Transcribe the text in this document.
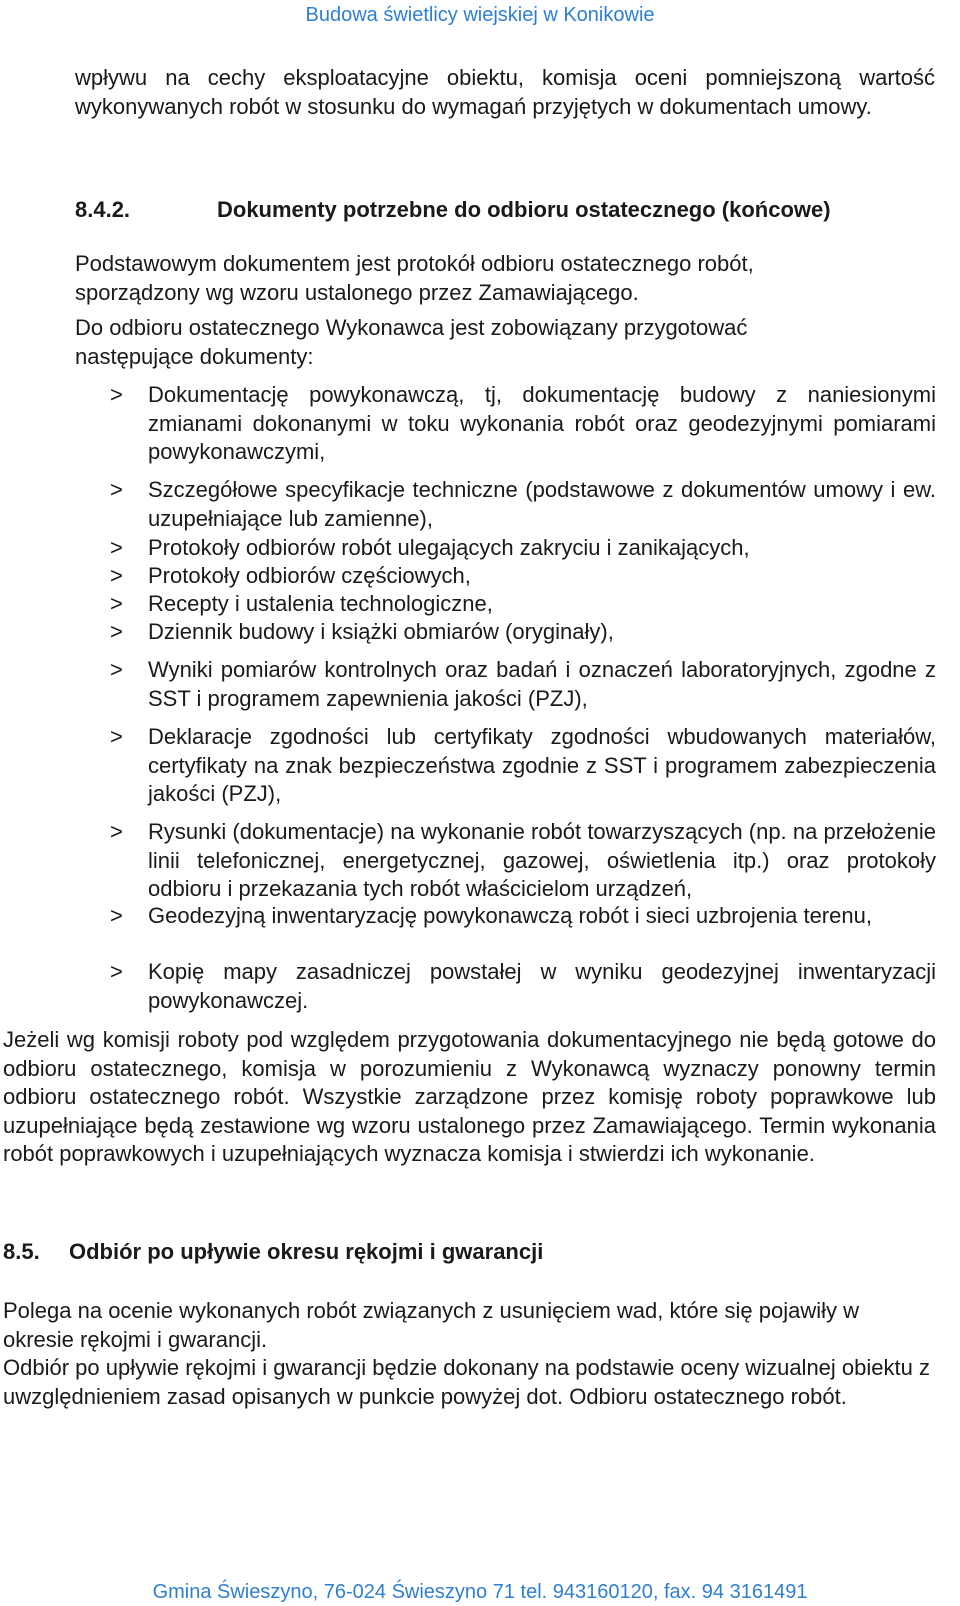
Budowa świetlicy wiejskiej w Konikowie

wpływu na cechy eksploatacyjne obiektu, komisja oceni pomniejszoną wartość wykonywanych robót w stosunku do wymagań przyjętych w dokumentach umowy.

8.4.2.	Dokumenty potrzebne do odbioru ostatecznego (końcowe)

Podstawowym dokumentem jest protokół odbioru ostatecznego robót, sporządzony wg wzoru ustalonego przez Zamawiającego.

Do odbioru ostatecznego Wykonawca jest zobowiązany przygotować następujące dokumenty:

> Dokumentację powykonawczą, tj, dokumentację budowy z naniesionymi zmianami dokonanymi w toku wykonania robót oraz geodezyjnymi pomiarami powykonawczymi,
> Szczegółowe specyfikacje techniczne (podstawowe z dokumentów umowy i ew. uzupełniające lub zamienne),
> Protokoły odbiorów robót ulegających zakryciu i zanikających,
> Protokoły odbiorów częściowych,
> Recepty i ustalenia technologiczne,
> Dziennik budowy i książki obmiarów (oryginały),
> Wyniki pomiarów kontrolnych oraz badań i oznaczeń laboratoryjnych, zgodne z SST i programem zapewnienia jakości (PZJ),
> Deklaracje zgodności lub certyfikaty zgodności wbudowanych materiałów, certyfikaty na znak bezpieczeństwa zgodnie z SST i programem zabezpieczenia jakości (PZJ),
> Rysunki (dokumentacje) na wykonanie robót towarzyszących (np. na przełożenie linii telefonicznej, energetycznej, gazowej, oświetlenia itp.) oraz protokoły odbioru i przekazania tych robót właścicielom urządzeń,
> Geodezyjną inwentaryzację powykonawczą robót i sieci uzbrojenia terenu,
> Kopię mapy zasadniczej powstałej w wyniku geodezyjnej inwentaryzacji powykonawczej.

Jeżeli wg komisji roboty pod względem przygotowania dokumentacyjnego nie będą gotowe do odbioru ostatecznego, komisja w porozumieniu z Wykonawcą wyznaczy ponowny termin odbioru ostatecznego robót. Wszystkie zarządzone przez komisję roboty poprawkowe lub uzupełniające będą zestawione wg wzoru ustalonego przez Zamawiającego. Termin wykonania robót poprawkowych i uzupełniających wyznacza komisja i stwierdzi ich wykonanie.

8.5. Odbiór po upływie okresu rękojmi i gwarancji

Polega na ocenie wykonanych robót związanych z usunięciem wad, które się pojawiły w okresie rękojmi i gwarancji.

Odbiór po upływie rękojmi i gwarancji będzie dokonany na podstawie oceny wizualnej obiektu z uwzględnieniem zasad opisanych w punkcie powyżej dot. Odbioru ostatecznego robót.

Gmina Świeszyno, 76-024 Świeszyno 71 tel. 943160120, fax. 94 3161491
